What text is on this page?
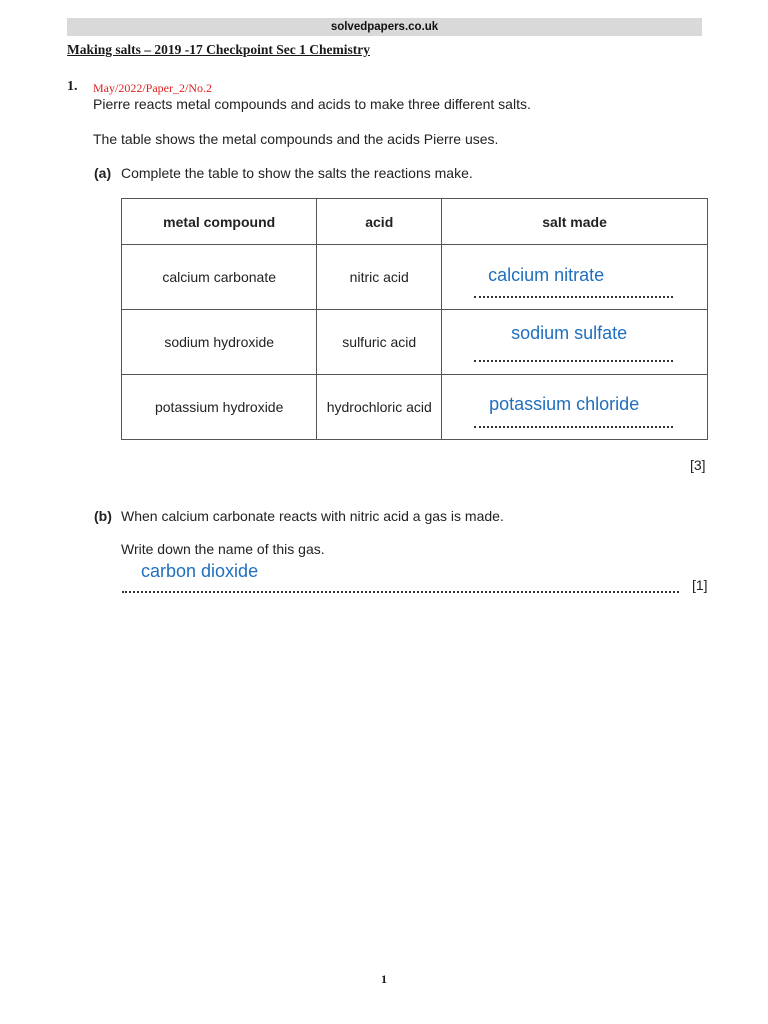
solvedpapers.co.uk
Making salts – 2019 -17 Checkpoint Sec 1 Chemistry
1. May/2022/Paper_2/No.2
Pierre reacts metal compounds and acids to make three different salts.
The table shows the metal compounds and the acids Pierre uses.
(a) Complete the table to show the salts the reactions make.
metal compound	acid	salt made
calcium carbonate	nitric acid	calcium nitrate

sodium hydroxide	sulfuric acid	sodium sulfate

potassium hydroxide	hydrochloric acid	potassium chloride
[3]
(b) When calcium carbonate reacts with nitric acid a gas is made.
Write down the name of this gas.
carbon dioxide
[1]
1
